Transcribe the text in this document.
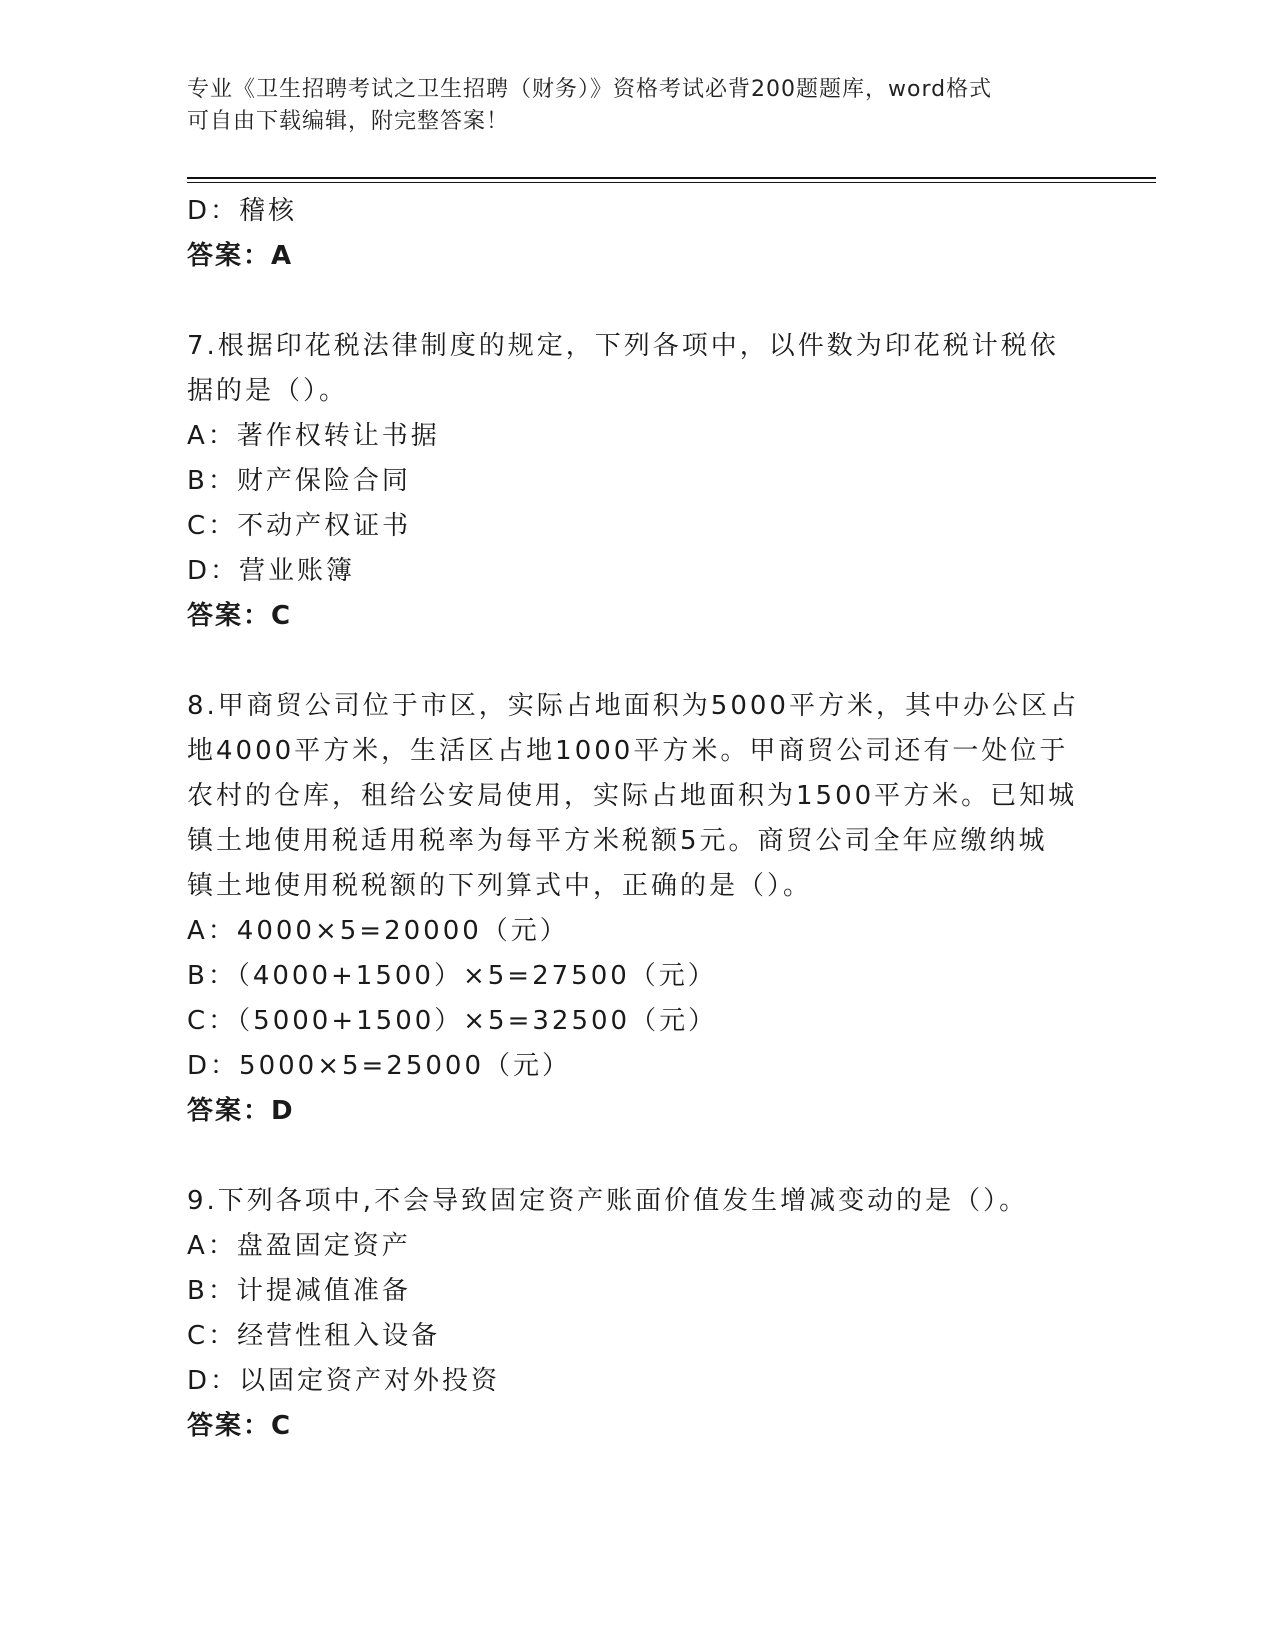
专业《卫生招聘考试之卫生招聘（财务）》资格考试必背200题题库，word格式
可自由下载编辑，附完整答案！
D：稽核
答案：A
7.根据印花税法律制度的规定，下列各项中，以件数为印花税计税依
据的是（）。
A：著作权转让书据
B：财产保险合同
C：不动产权证书
D：营业账簿
答案：C
8.甲商贸公司位于市区，实际占地面积为5000平方米，其中办公区占
地4000平方米，生活区占地1000平方米。甲商贸公司还有一处位于
农村的仓库，租给公安局使用，实际占地面积为1500平方米。已知城
镇土地使用税适用税率为每平方米税额5元。商贸公司全年应缴纳城
镇土地使用税税额的下列算式中，正确的是（）。
A：4000×5=20000（元）
B：（4000+1500）×5=27500（元）
C：（5000+1500）×5=32500（元）
D：5000×5=25000（元）
答案：D
9.下列各项中,不会导致固定资产账面价值发生增减变动的是（）。
A：盘盈固定资产
B：计提减值准备
C：经营性租入设备
D：以固定资产对外投资
答案：C
